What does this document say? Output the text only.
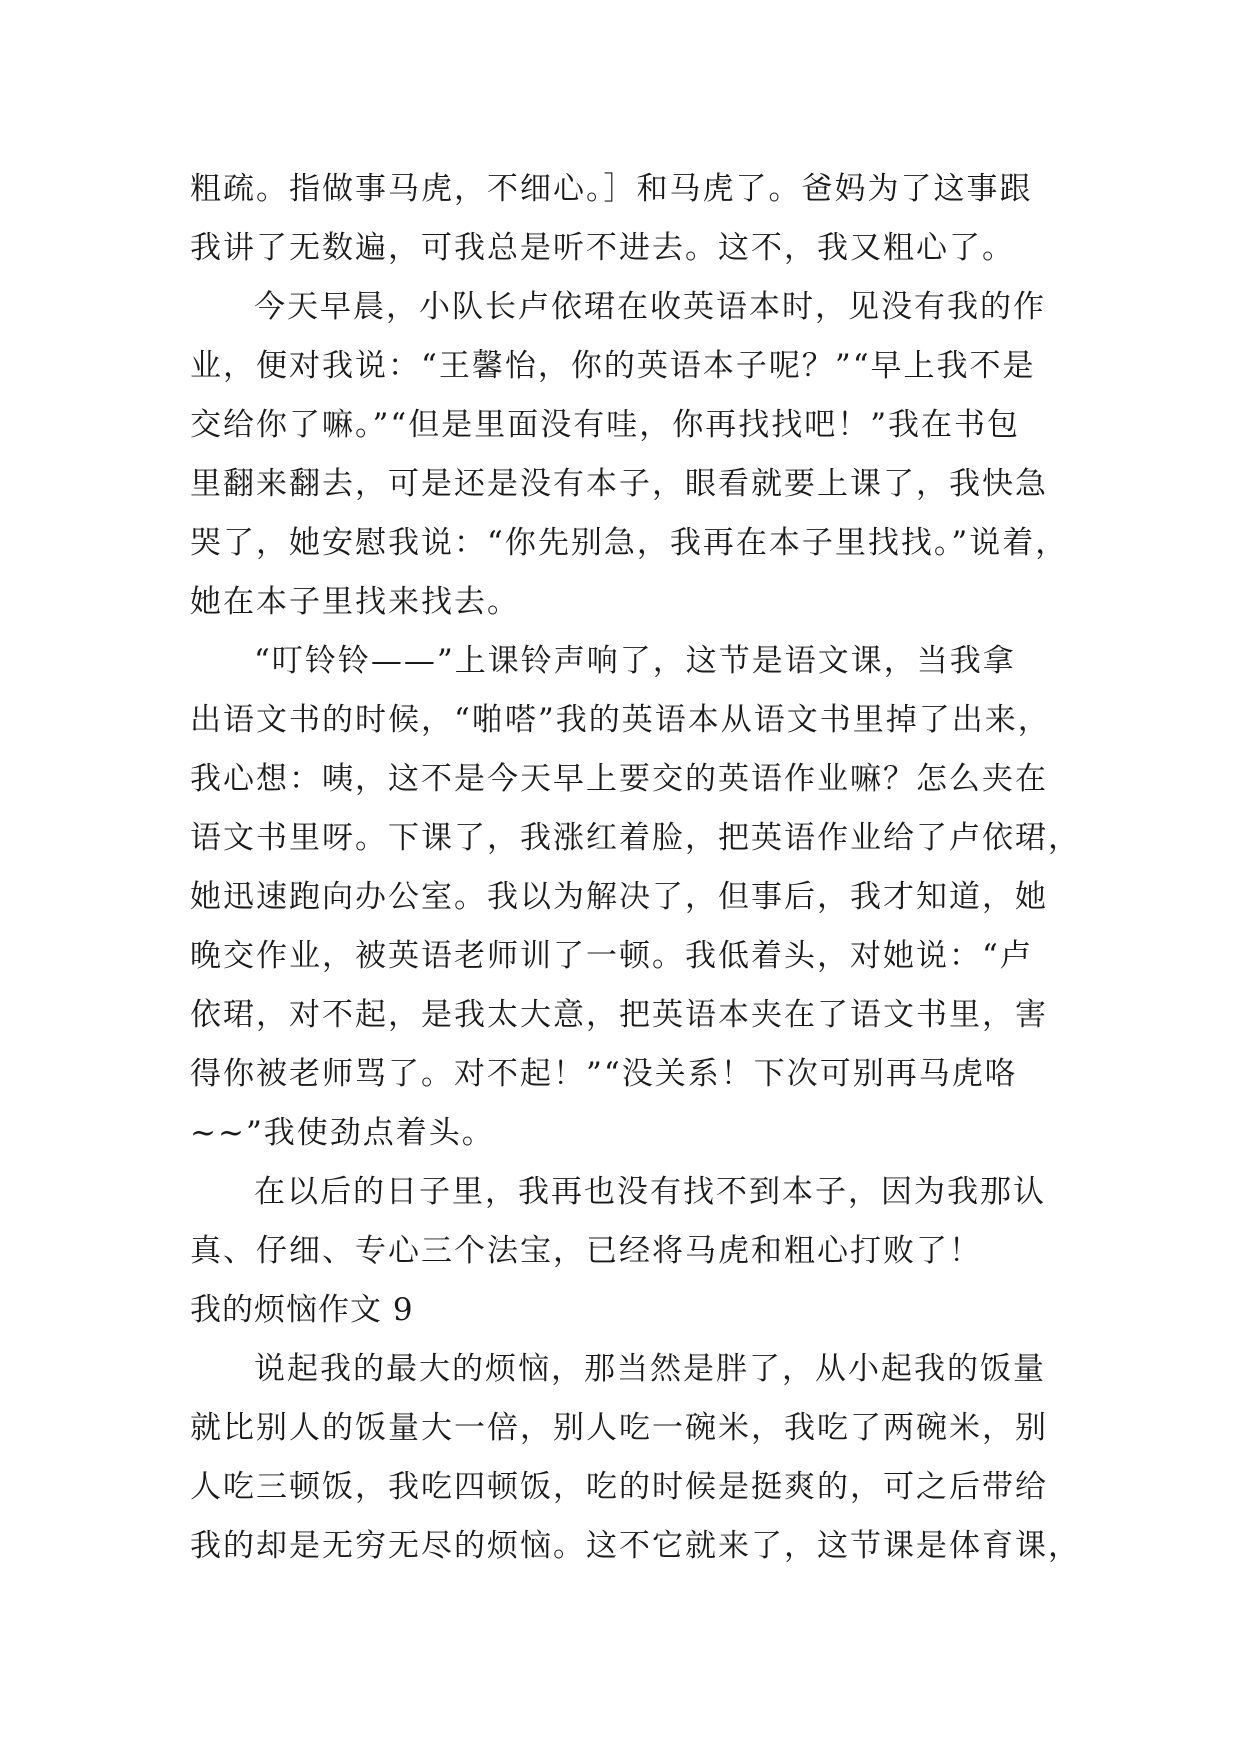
粗疏。指做事马虎，不细心。］和马虎了。爸妈为了这事跟
我讲了无数遍，可我总是听不进去。这不，我又粗心了。
今天早晨，小队长卢依珺在收英语本时，见没有我的作
业，便对我说：“王馨怡，你的英语本子呢？”“早上我不是
交给你了嘛。”“但是里面没有哇，你再找找吧！”我在书包
里翻来翻去，可是还是没有本子，眼看就要上课了，我快急
哭了，她安慰我说：“你先别急，我再在本子里找找。”说着，
她在本子里找来找去。
“叮铃铃——”上课铃声响了，这节是语文课，当我拿
出语文书的时候，“啪嗒”我的英语本从语文书里掉了出来，
我心想：咦，这不是今天早上要交的英语作业嘛？怎么夹在
语文书里呀。下课了，我涨红着脸，把英语作业给了卢依珺，
她迅速跑向办公室。我以为解决了，但事后，我才知道，她
晚交作业，被英语老师训了一顿。我低着头，对她说：“卢
依珺，对不起，是我太大意，把英语本夹在了语文书里，害
得你被老师骂了。对不起！”“没关系！下次可别再马虎咯
~~”我使劲点着头。
在以后的日子里，我再也没有找不到本子，因为我那认
真、仔细、专心三个法宝，已经将马虎和粗心打败了！
我的烦恼作文 9
说起我的最大的烦恼，那当然是胖了，从小起我的饭量
就比别人的饭量大一倍，别人吃一碗米，我吃了两碗米，别
人吃三顿饭，我吃四顿饭，吃的时候是挺爽的，可之后带给
我的却是无穷无尽的烦恼。这不它就来了，这节课是体育课，
